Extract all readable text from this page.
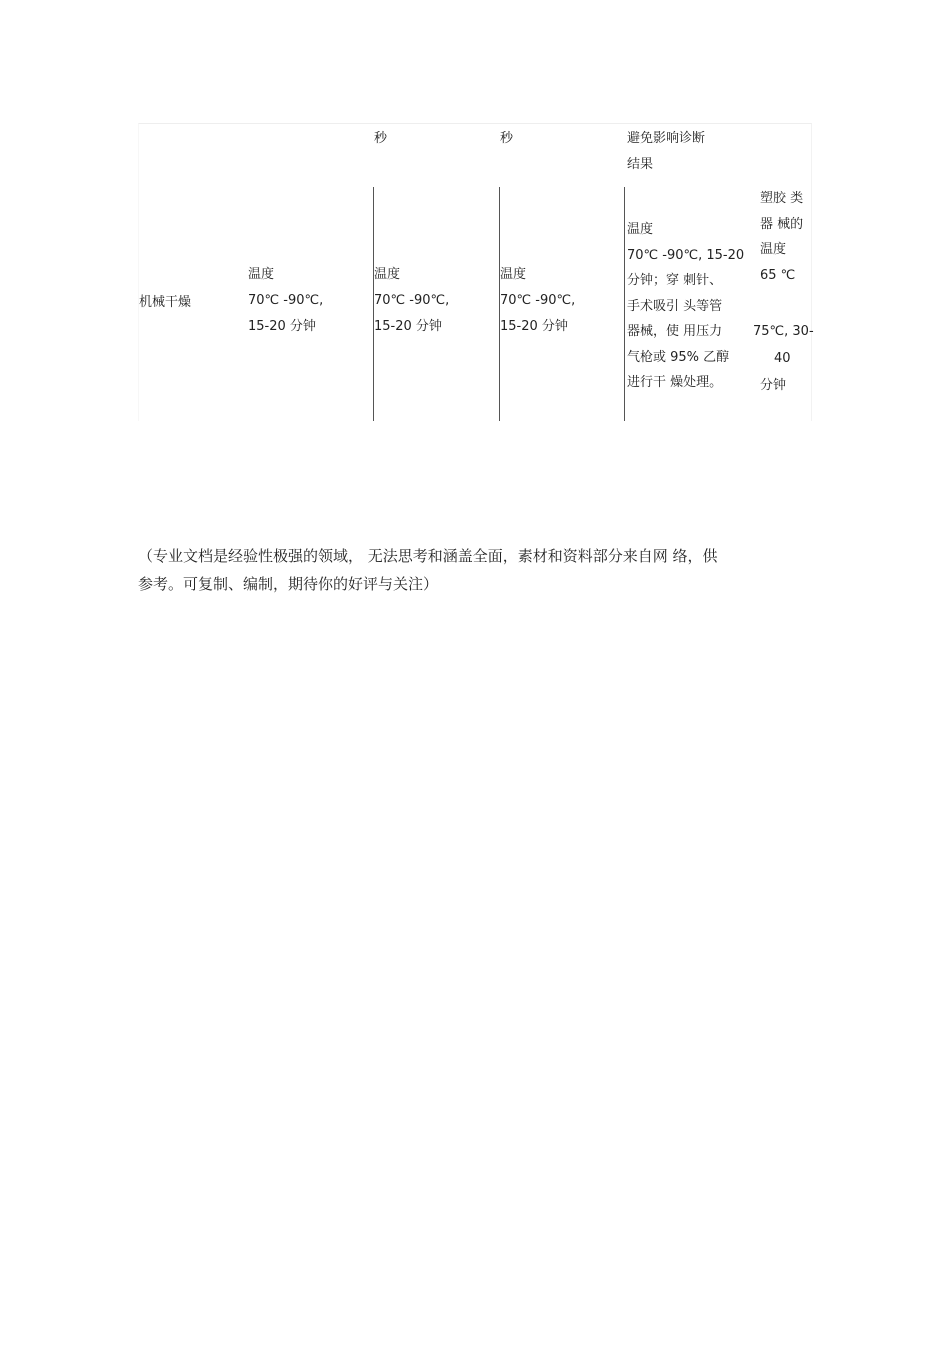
秒	秒	避免影响诊断
结果
机械干燥
温度
70℃ -90℃,
15-20 分钟
温度
70℃ -90℃,
15-20 分钟
温度
70℃ -90℃,
15-20 分钟
温度
70℃ -90℃, 15-20
分钟；穿 刺针、
手术吸引 头等管
器械，使 用压力
气枪或 95% 乙醇
进行干 燥处理。
塑胶 类
器 械的
温度
65 ℃
75℃, 30-
40
分钟
（专业文档是经验性极强的领域， 无法思考和涵盖全面，素材和资料部分来自网 络，供
参考。可复制、编制，期待你的好评与关注）
